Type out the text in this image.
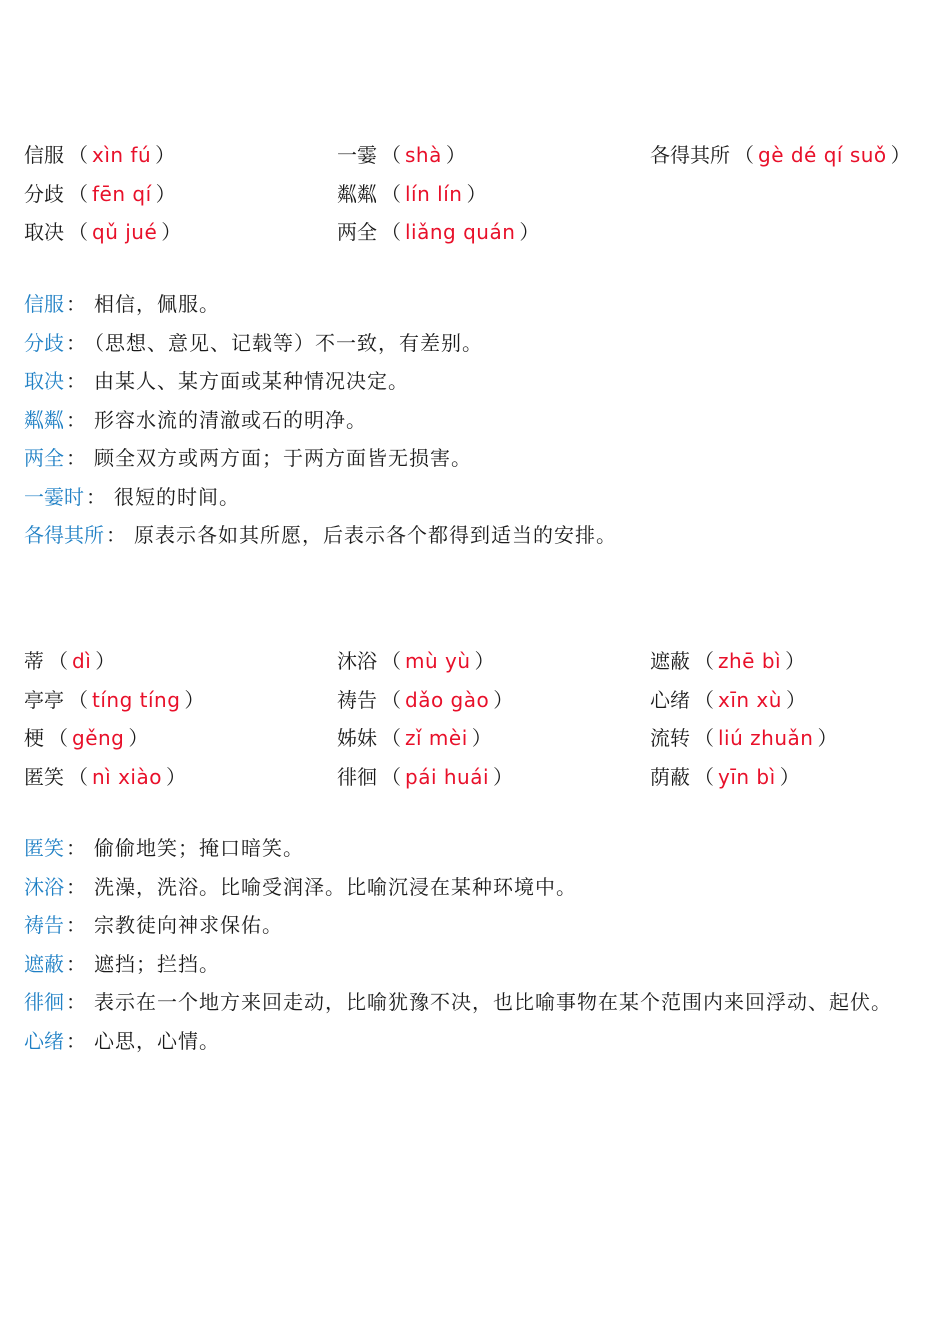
信服 （ xìn fú ）	一霎 （ shà ）	各得其所 （ gè dé qí suǒ ）
分歧 （ fēn qí ）	粼粼 （ lín lín ）
取决 （ qǔ jué ）	两全 （ liǎng quán ）
信服 ： 相信，佩服。
分歧 ： （思想、意见、记载等）不一致，有差别。
取决 ： 由某人、某方面或某种情况决定。
粼粼 ： 形容水流的清澈或石的明净。
两全 ： 顾全双方或两方面；于两方面皆无损害。
一霎时 ： 很短的时间。
各得其所 ： 原表示各如其所愿，后表示各个都得到适当的安排。
蒂 （ dì ）	沐浴 （ mù yù ）	遮蔽 （ zhē bì ）
亭亭 （ tíng tíng ）	祷告 （ dǎo gào ）	心绪 （ xīn xù ）
梗 （ gěng ）	姊妹 （ zǐ mèi ）	流转 （ liú zhuǎn ）
匿笑 （ nì xiào ）	徘徊 （ pái huái ）	荫蔽 （ yīn bì ）
匿笑 ： 偷偷地笑；掩口暗笑。
沐浴 ： 洗澡，洗浴。比喻受润泽。比喻沉浸在某种环境中。
祷告 ： 宗教徒向神求保佑。
遮蔽 ： 遮挡；拦挡。
徘徊 ： 表示在一个地方来回走动，比喻犹豫不决，也比喻事物在某个范围内来回浮动、起伏。
心绪 ： 心思，心情。
